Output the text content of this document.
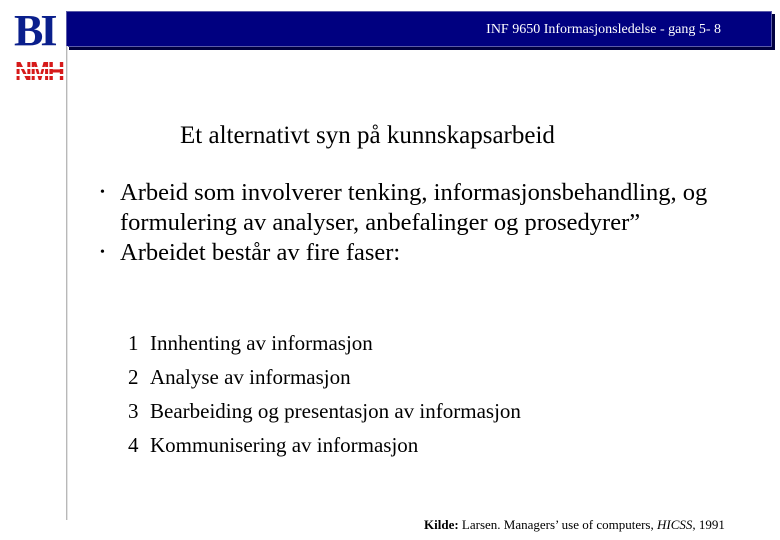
BI
NMH
INF 9650 Informasjonsledelse - gang 5- 8
Et alternativt syn på kunnskapsarbeid
• Arbeid som involverer tenking, informasjonsbehandling, og formulering av analyser, anbefalinger og prosedyrer”
• Arbeidet består av fire faser:
1 Innhenting av informasjon
2 Analyse av informasjon
3 Bearbeiding og presentasjon av informasjon
4 Kommunisering av informasjon
Kilde: Larsen. Managers’ use of computers, HICSS, 1991
